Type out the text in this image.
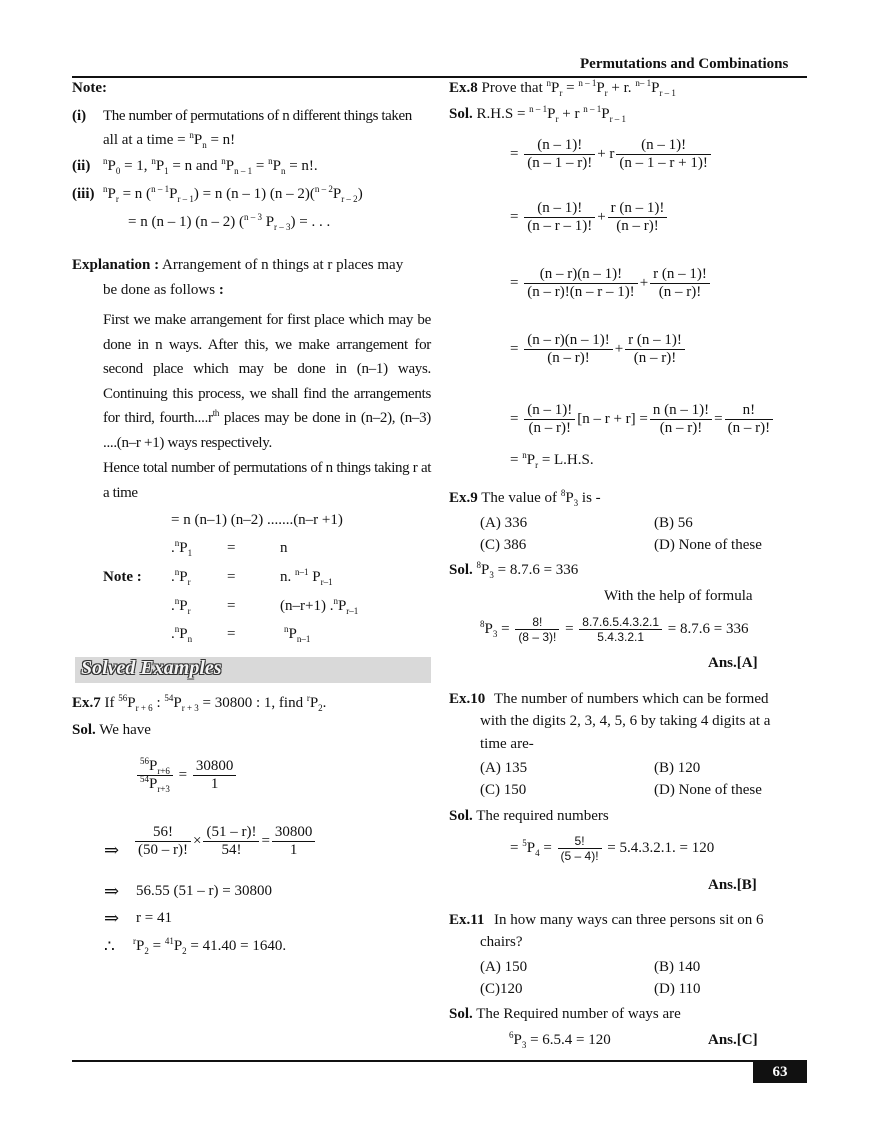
Permutations and Combinations
Note:
(i) The number of permutations of n different things taken
all at a time = $^nP_n = n$!
(ii) $^nP_0 = 1$, $^nP_1 = n$ and $^nP_{n - 1} = ^nP_n = n$!.
(iii) $^nP_r = n$ $(^{n - 1}P_{r - 1}) = n$ (n – 1) $(n - 2)(^{n - 2}P_{r - 2})$
= n (n – 1) (n – 2) ($^{n - 3}$ $P_{r - 3}$) = . . .
Explanation : Arrangement of n things at r places may
be done as follows :
First we make arrangement for first place which may be done in n ways. After this, we make arrangement for second place which may be done in (n–1) ways. Continuing this process, we shall find the arrangements for third, $fourth....r^{th}$ places may be done in (n–2), (n–3) ....(n–r +1) ways respectively.
Hence total number of permutations of n things taking r at a time
= n (n–1) (n–2) .......(n–r +1)
$.^nP_1$ =	n
Note : $.^nP_r$ =	n. $^{n-1}$ $P_{r-1}$
$.^nP_r$ =	(n–r+1) $.^nP_{r-1}$
$.^nP_n$ =	$^nP_{n-1}$
Solved Examples
Ex.7 If $^{56}P_{r + 6}$ : $^{54}P_{r + 3} = 30800$ : 1, find $^rP_2$.
Sol. We have
$\frac{^{56}P_{r+6}}{^{54}P_{r+3}} = \frac{30800}{1}$
⇒ $\frac{56!}{(50 - r)!} \times \frac{(51 - r)!}{54!} = \frac{30800}{1}$
⇒ 56.55 (51 – r) = 30800
⇒ r = 41
∴ $^rP_2 = ^{41}P_2 = 41.40 = 1640$.
Ex.8 Prove that $^nP_r = ^{n - 1}P_r + r$. $^{n- 1}P_{r - 1}$
Sol. $R.H.S = ^{n - 1}P_r + r$ $^{n - 1}P_{r - 1}$
= $\frac{(n - 1)!}{(n - 1 - r)!} + r \frac{(n - 1)!}{(n - 1 - r + 1)!}$
= $\frac{(n - 1)!}{(n - r - 1)!} + \frac{r (n - 1)!}{(n - r)!}$
= $\frac{(n - r)(n - 1)!}{(n - r)!(n - r - 1)!} + \frac{r (n - 1)!}{(n - r)!}$
= $\frac{(n - r)(n - 1)!}{(n - r)!} + \frac{r (n - 1)!}{(n - r)!}$
= $\frac{(n - 1)!}{(n - r)!} [n - r + r] = \frac{n (n - 1)!}{(n - r)!} = \frac{n!}{(n - r)!}$
= $^nP_r = L.H.S$.
Ex.9 The value of $^8P_3$ is -
(A) 336	(B) 56
(C) 386	(D) None of these
Sol. $^8P_3 = 8.7.6 = 336$
With the help of formula
$^8P_3 = \frac{8!}{(8 - 3)!} = \frac{8.7.6.5.4.3.2.1}{5.4.3.2.1} = 8.7.6 = 336$
Ans.[A]
Ex.10 The number of numbers which can be formed
with the digits 2, 3, 4, 5, 6 by taking 4 digits at a
time are-
(A) 135	(B) 120
(C) 150	(D) None of these
Sol. The required numbers
= $^5P_4 = \frac{5!}{(5 - 4)!} = 5.4.3.2.1$. = 120
Ans.[B]
Ex.11 In how many ways can three persons sit on 6
chairs?
(A) 150	(B) 140
(C)120	(D) 110
Sol. The Required number of ways are
$^6P_3 = 6.5.4 = 120$	Ans.[C]
63
